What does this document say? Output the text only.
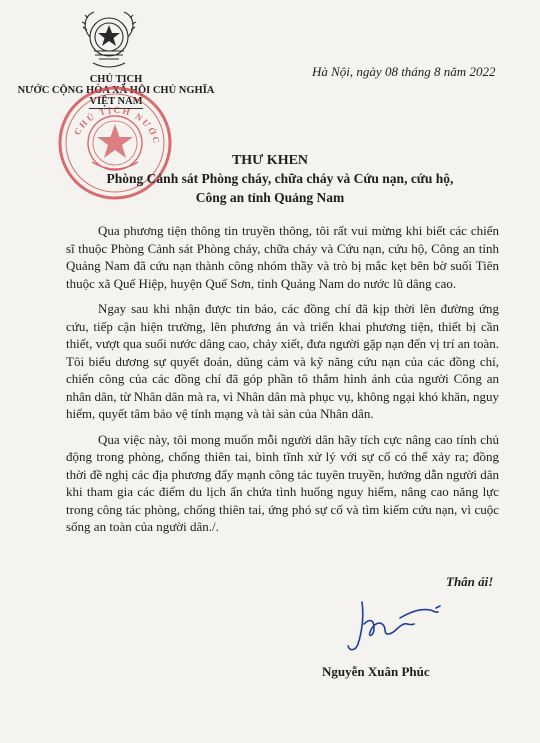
CHỦ TỊCH
NƯỚC CỘNG HÒA XÃ HỘI CHỦ NGHĨA
VIỆT NAM
CHỦ TỊCH NƯỚC
Hà Nội, ngày 08 tháng 8 năm 2022
THƯ KHEN
Phòng Cảnh sát Phòng cháy, chữa cháy và Cứu nạn, cứu hộ,
Công an tỉnh Quảng Nam

Qua phương tiện thông tin truyền thông, tôi rất vui mừng khi biết các chiến sĩ thuộc Phòng Cảnh sát Phòng cháy, chữa cháy và Cứu nạn, cứu hộ, Công an tỉnh Quảng Nam đã cứu nạn thành công nhóm thầy và trò bị mắc kẹt bên bờ suối Tiên thuộc xã Quế Hiệp, huyện Quế Sơn, tỉnh Quảng Nam do nước lũ dâng cao.

Ngay sau khi nhận được tin báo, các đồng chí đã kịp thời lên đường ứng cứu, tiếp cận hiện trường, lên phương án và triển khai phương tiện, thiết bị cần thiết, vượt qua suối nước dâng cao, chảy xiết, đưa người gặp nạn đến vị trí an toàn. Tôi biểu dương sự quyết đoán, dũng cảm và kỹ năng cứu nạn của các đồng chí, chiến công của các đồng chí đã góp phần tô thắm hình ảnh của người Công an nhân dân, từ Nhân dân mà ra, vì Nhân dân mà phục vụ, không ngại khó khăn, nguy hiểm, quyết tâm bảo vệ tính mạng và tài sản của Nhân dân.

Qua việc này, tôi mong muốn mỗi người dân hãy tích cực nâng cao tính chủ động trong phòng, chống thiên tai, bình tĩnh xử lý với sự cố có thể xảy ra; đồng thời đề nghị các địa phương đẩy mạnh công tác tuyên truyền, hướng dẫn người dân khi tham gia các điểm du lịch ẩn chứa tình huống nguy hiểm, nâng cao năng lực trong công tác phòng, chống thiên tai, ứng phó sự cố và tìm kiếm cứu nạn, vì cuộc sống an toàn của người dân./.

Thân ái!
Nguyễn Xuân Phúc
